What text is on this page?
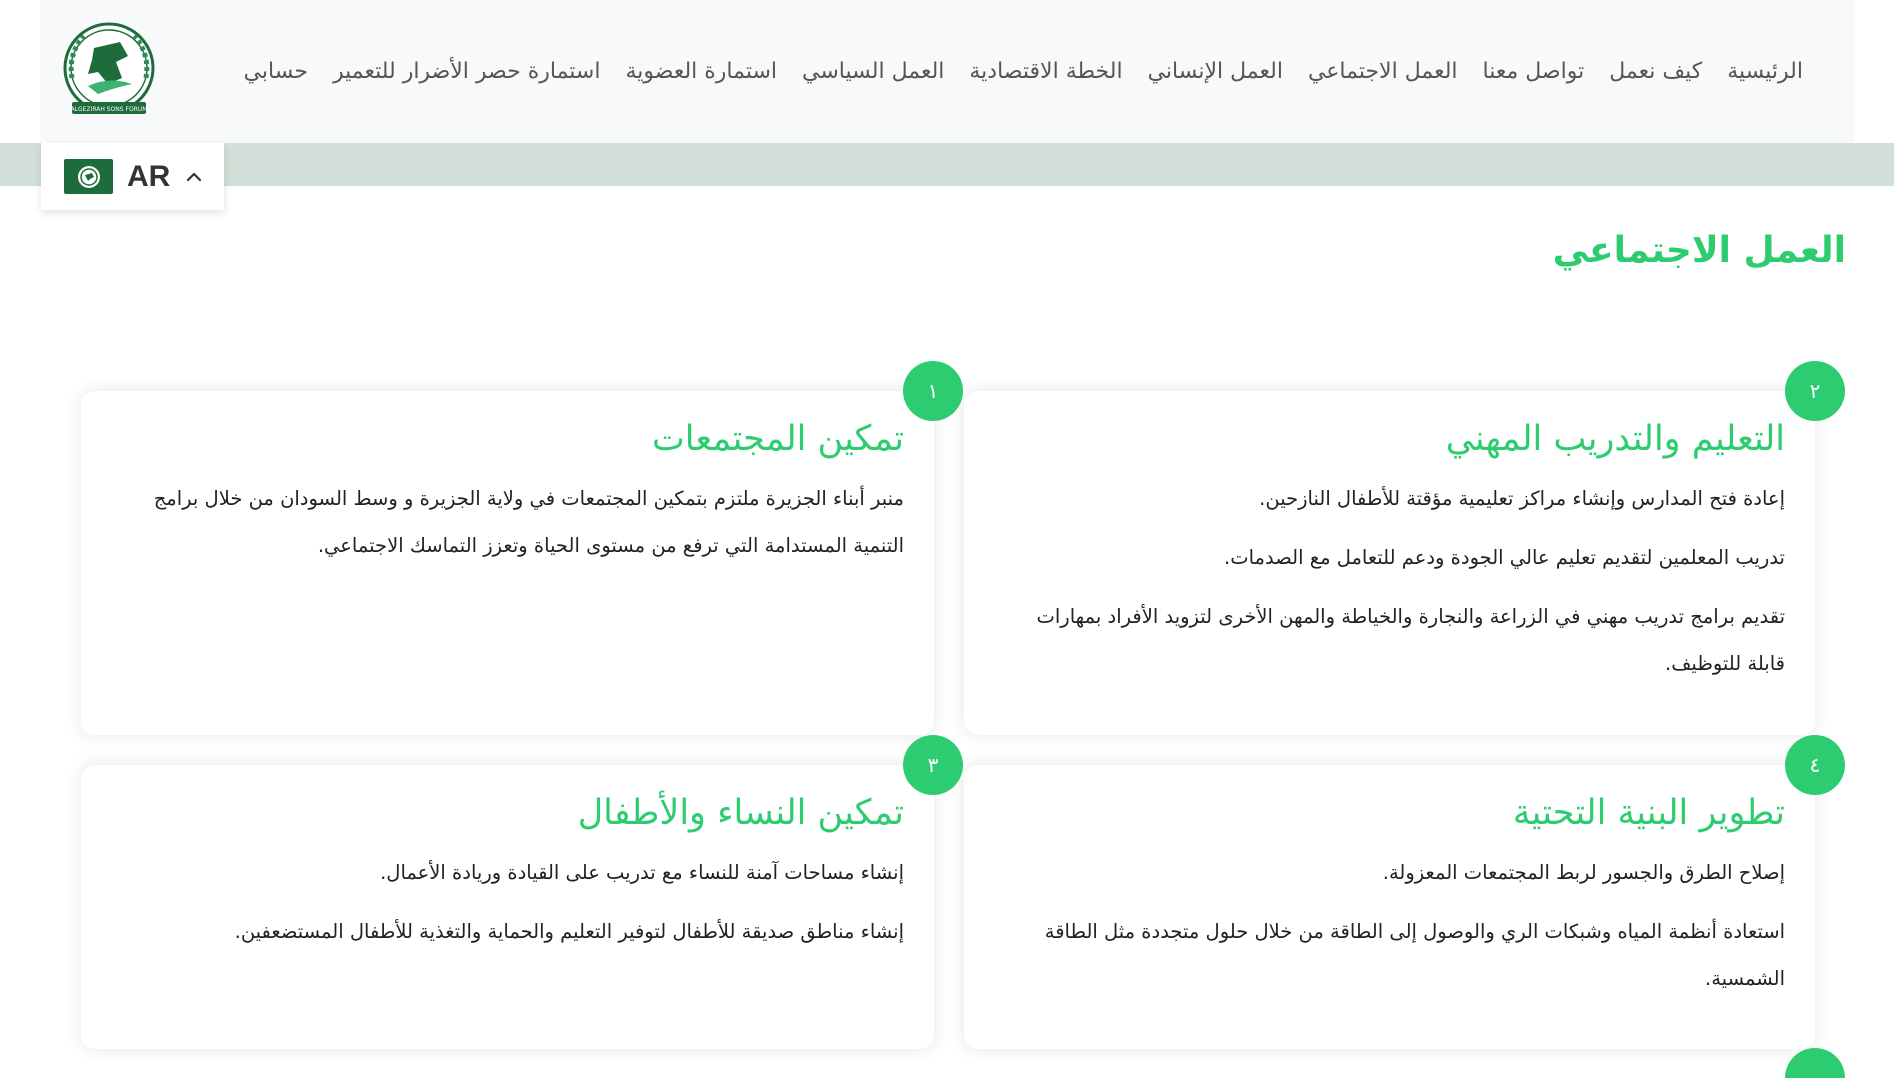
ALGEZIRAH SONS FORUM
حسابي استمارة حصر الأضرار للتعمير استمارة العضوية العمل السياسي الخطة الاقتصادية العمل الإنساني العمل الاجتماعي تواصل معنا كيف نعمل الرئيسية
AR
العمل الاجتماعي
التعليم والتدريب المهني

إعادة فتح المدارس وإنشاء مراكز تعليمية مؤقتة للأطفال النازحين.

تدريب المعلمين لتقديم تعليم عالي الجودة ودعم للتعامل مع الصدمات.

تقديم برامج تدريب مهني في الزراعة والنجارة والخياطة والمهن الأخرى لتزويد الأفراد بمهارات قابلة للتوظيف.

٢
تمكين المجتمعات

منبر أبناء الجزيرة ملتزم بتمكين المجتمعات في ولاية الجزيرة و وسط السودان من خلال برامج التنمية المستدامة التي ترفع من مستوى الحياة وتعزز التماسك الاجتماعي.

١
تطوير البنية التحتية

إصلاح الطرق والجسور لربط المجتمعات المعزولة.

استعادة أنظمة المياه وشبكات الري والوصول إلى الطاقة من خلال حلول متجددة مثل الطاقة الشمسية.

٤
تمكين النساء والأطفال

إنشاء مساحات آمنة للنساء مع تدريب على القيادة وريادة الأعمال.

إنشاء مناطق صديقة للأطفال لتوفير التعليم والحماية والتغذية للأطفال المستضعفين.

٣
